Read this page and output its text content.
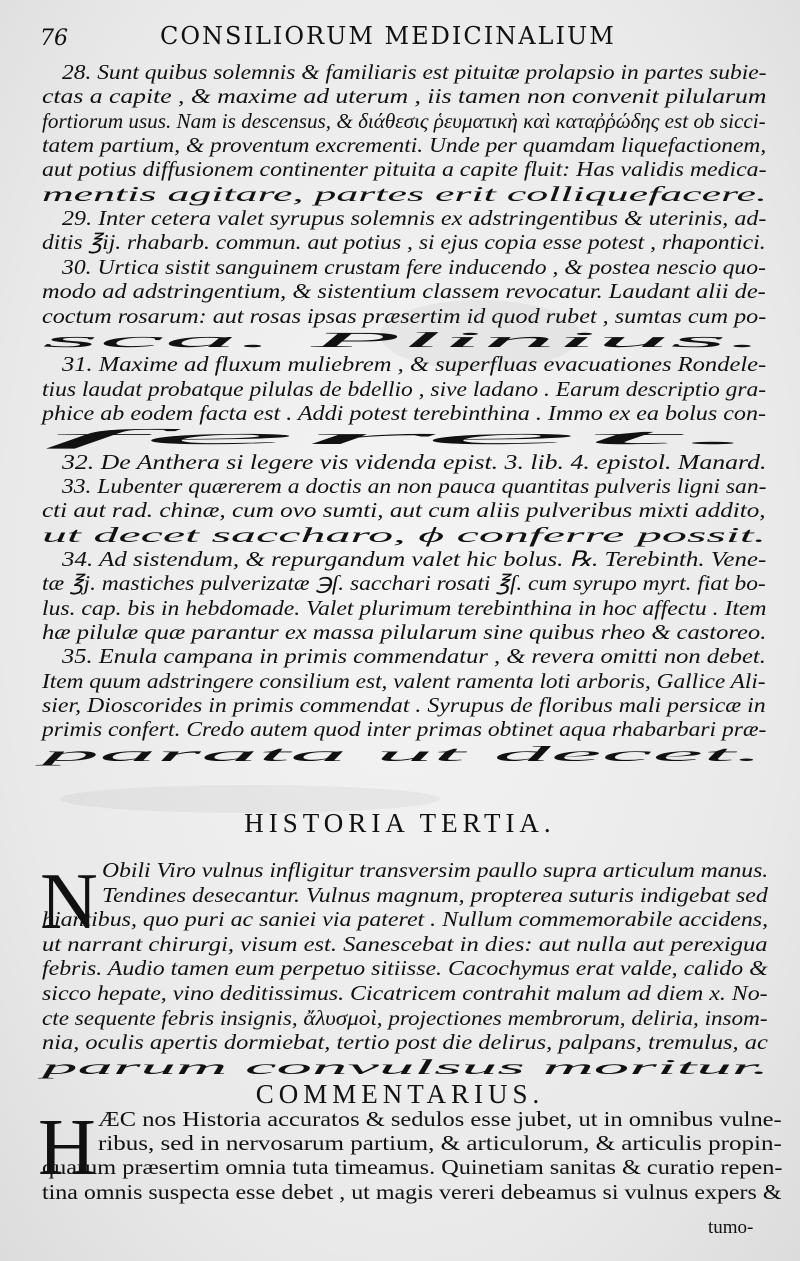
76	CONSILIORUM MEDICINALIUM
28. Sunt quibus solemnis & familiaris est pituitæ prolapsio in partes subie-
ctas a capite , & maxime ad uterum , iis tamen non convenit pilularum
fortiorum usus. Nam is descensus, & διάθεσις ῥευματικὴ καὶ καταῤῥώδης est ob sicci-
tatem partium, & proventum excrementi. Unde per quamdam liquefactionem,
aut potius diffusionem continenter pituita a capite fluit: Has validis medica-
mentis agitare, partes erit colliquefacere.
29. Inter cetera valet syrupus solemnis ex adstringentibus & uterinis, ad-
ditis ℥ij. rhabarb. commun. aut potius , si ejus copia esse potest , rhapontici.
30. Urtica sistit sanguinem crustam fere inducendo , & postea nescio quo-
modo ad adstringentium, & sistentium classem revocatur. Laudant alii de-
coctum rosarum: aut rosas ipsas præsertim id quod rubet , sumtas cum po-
sca. Plinius.
31. Maxime ad fluxum muliebrem , & superfluas evacuationes Rondele-
tius laudat probatque pilulas de bdellio , sive ladano . Earum descriptio gra-
phice ab eodem facta est . Addi potest terebinthina . Immo ex ea bolus con-
feret.
32. De Anthera si legere vis videnda epist. 3. lib. 4. epistol. Manard.
33. Lubenter quærerem a doctis an non pauca quantitas pulveris ligni san-
cti aut rad. chinæ, cum ovo sumti, aut cum aliis pulveribus mixti addito,
ut decet saccharo, ϕ conferre possit.
34. Ad sistendum, & repurgandum valet hic bolus. ℞. Terebinth. Vene-
tæ ℥j. mastiches pulverizatæ ℈ſ. sacchari rosati ℥ſ. cum syrupo myrt. fiat bo-
lus. cap. bis in hebdomade. Valet plurimum terebinthina in hoc affectu . Item
hæ pilulæ quæ parantur ex massa pilularum sine quibus rheo & castoreo.
35. Enula campana in primis commendatur , & revera omitti non debet.
Item quum adstringere consilium est, valent ramenta loti arboris, Gallice Ali-
sier, Dioscorides in primis commendat . Syrupus de floribus mali persicæ in
primis confert. Credo autem quod inter primas obtinet aqua rhabarbari præ-
parata ut decet.
HISTORIA TERTIA.
N Obili Viro vulnus infligitur transversim paullo supra articulum manus.
Tendines desecantur. Vulnus magnum, propterea suturis indigebat sed
hiantibus, quo puri ac saniei via pateret . Nullum commemorabile accidens,
ut narrant chirurgi, visum est. Sanescebat in dies: aut nulla aut perexigua
febris. Audio tamen eum perpetuo sitiisse. Cacochymus erat valde, calido &
sicco hepate, vino deditissimus. Cicatricem contrahit malum ad diem x. No-
cte sequente febris insignis, ἄλυσμοὶ, projectiones membrorum, deliria, insom-
nia, oculis apertis dormiebat, tertio post die delirus, palpans, tremulus, ac
parum convulsus moritur.
COMMENTARIUS.
H ÆC nos Historia accuratos & sedulos esse jubet, ut in omnibus vulne-
ribus, sed in nervosarum partium, & articulorum, & articulis propin-
quarum præsertim omnia tuta timeamus. Quinetiam sanitas & curatio repen-
tina omnis suspecta esse debet , ut magis vereri debeamus si vulnus expers &
tumo-
